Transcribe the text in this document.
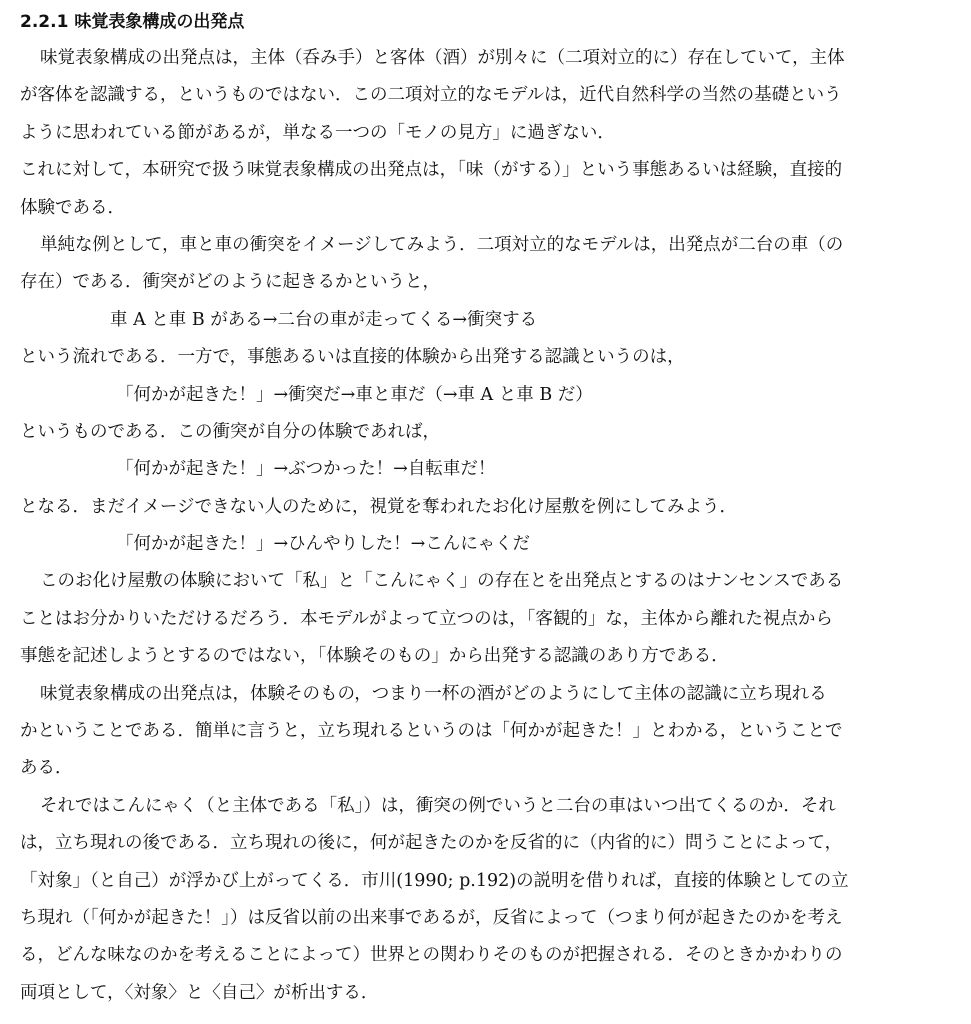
2.2.1 味覚表象構成の出発点
味覚表象構成の出発点は，主体（呑み手）と客体（酒）が別々に（二項対立的に）存在していて，主体
が客体を認識する，というものではない．この二項対立的なモデルは，近代自然科学の当然の基礎という
ように思われている節があるが，単なる一つの「モノの見方」に過ぎない．
これに対して，本研究で扱う味覚表象構成の出発点は，「味（がする）」という事態あるいは経験，直接的
体験である．
単純な例として，車と車の衝突をイメージしてみよう．二項対立的なモデルは，出発点が二台の車（の
存在）である．衝突がどのように起きるかというと，
車 A と車 B がある→二台の車が走ってくる→衝突する
という流れである．一方で，事態あるいは直接的体験から出発する認識というのは，
「何かが起きた！」→衝突だ→車と車だ（→車 A と車 B だ）
というものである．この衝突が自分の体験であれば，
「何かが起きた！」→ぶつかった！→自転車だ！
となる．まだイメージできない人のために，視覚を奪われたお化け屋敷を例にしてみよう．
「何かが起きた！」→ひんやりした！→こんにゃくだ
このお化け屋敷の体験において「私」と「こんにゃく」の存在とを出発点とするのはナンセンスである
ことはお分かりいただけるだろう．本モデルがよって立つのは，「客観的」な，主体から離れた視点から
事態を記述しようとするのではない，「体験そのもの」から出発する認識のあり方である．
味覚表象構成の出発点は，体験そのもの，つまり一杯の酒がどのようにして主体の認識に立ち現れる
かということである．簡単に言うと，立ち現れるというのは「何かが起きた！」とわかる，ということで
ある．
それではこんにゃく（と主体である「私」）は，衝突の例でいうと二台の車はいつ出てくるのか．それ
は，立ち現れの後である．立ち現れの後に，何が起きたのかを反省的に（内省的に）問うことによって，
「対象」（と自己）が浮かび上がってくる．市川(1990; p.192)の説明を借りれば，直接的体験としての立
ち現れ（「何かが起きた！」）は反省以前の出来事であるが，反省によって（つまり何が起きたのかを考え
る，どんな味なのかを考えることによって）世界との関わりそのものが把握される．そのときかかわりの
両項として，〈対象〉と〈自己〉が析出する．
